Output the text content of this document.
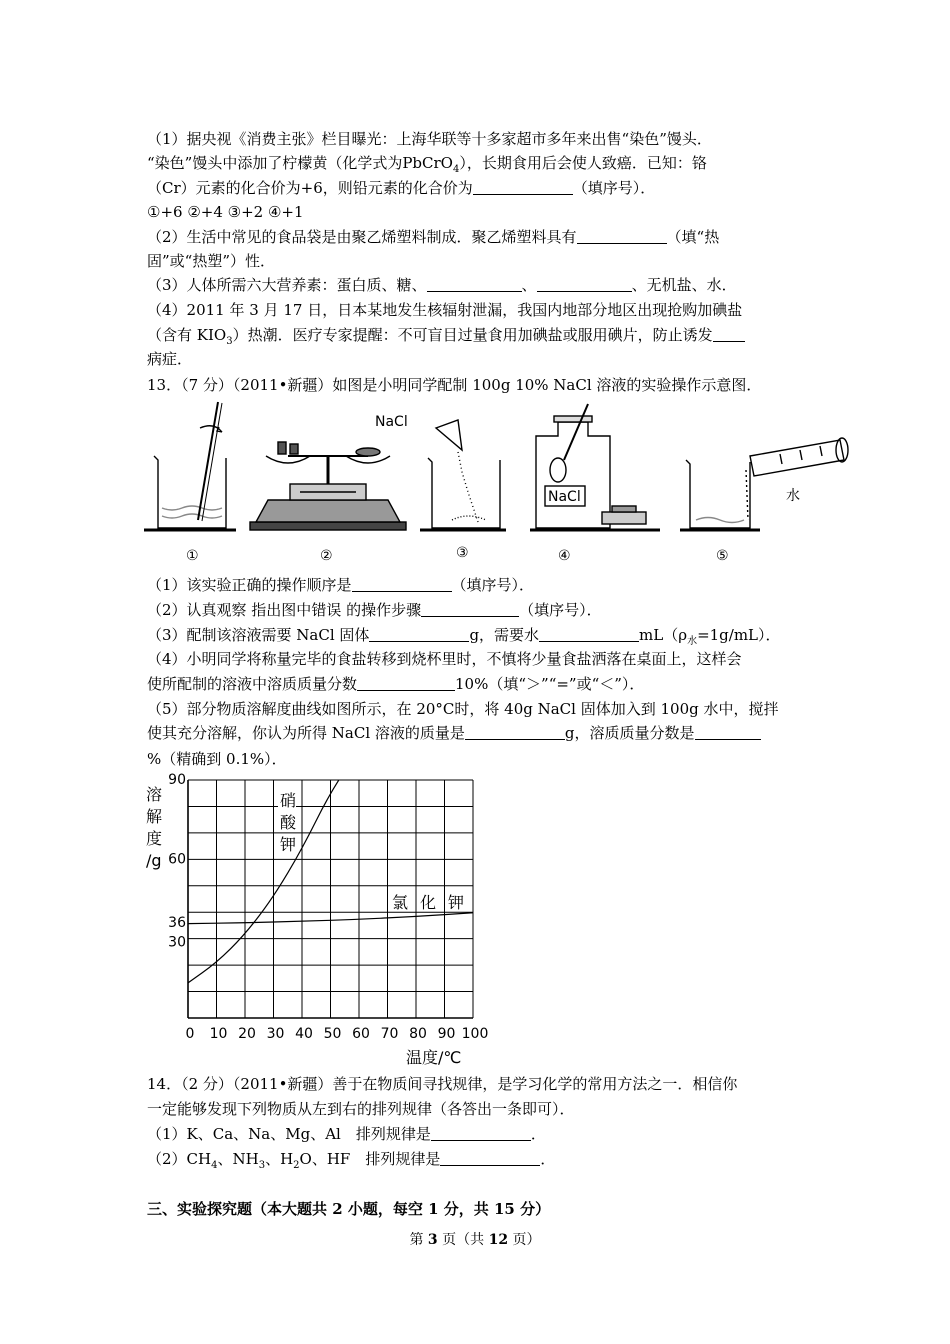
（1）据央视《消费主张》栏目曝光：上海华联等十多家超市多年来出售“染色”馒头．
“染色”馒头中添加了柠檬黄（化学式为PbCrO$_4$），长期食用后会使人致癌．已知：铬
（Cr）元素的化合价为+6，则铅元素的化合价为	（填序号）．
①+6 ②+4 ③+2 ④+1
（2）生活中常见的食品袋是由聚乙烯塑料制成．聚乙烯塑料具有	（填“热
固”或“热塑”）性．
（3）人体所需六大营养素：蛋白质、糖、	、	、无机盐、水．
（4）2011 年 3 月 17 日，日本某地发生核辐射泄漏，我国内地部分地区出现抢购加碘盐
（含有 $KIO_3$）热潮．医疗专家提醒：不可盲目过量食用加碘盐或服用碘片，防止诱发
病症．
13．（7 分）（2011•新疆）如图是小明同学配制 100g 10% NaCl 溶液的实验操作示意图．
NaCl
NaCl	水
①	②	③	④	⑤
（1）该实验正确的操作顺序是	（填序号）．
（2）认真观察 指出图中错误 的操作步骤	（填序号）．
（3）配制该溶液需要 NaCl 固体	g，需要水	$mL(\rho_水=1g/mL)$．
（4）小明同学将称量完毕的食盐转移到烧杯里时，不慎将少量食盐洒落在桌面上，这样会
使所配制的溶液中溶质质量分数	10%（填“＞”“=”或“＜”）．
（5）部分物质溶解度曲线如图所示，在 20°C时，将 40g NaCl 固体加入到 100g 水中，搅拌
使其充分溶解，你认为所得 NaCl 溶液的质量是	g，溶质质量分数是
%（精确到 0.1%）．
硝
酸
钾
氯 化 钾
溶
解
度
/g
90
60
36
30
0 10 20 30 40 50 60 70 80 90 100
温度/℃
14．（2 分）（2011•新疆）善于在物质间寻找规律，是学习化学的常用方法之一．相信你
一定能够发现下列物质从左到右的排列规律（各答出一条即可）．
（1）K、Ca、Na、Mg、Al　排列规律是	．
$(2)CH_4$、$NH_3$、$H_2O$、HF　排列规律是	．
三、实验探究题（本大题共 2 小题，每空 1 分，共 15 分）
第 3 页（共 12 页）
